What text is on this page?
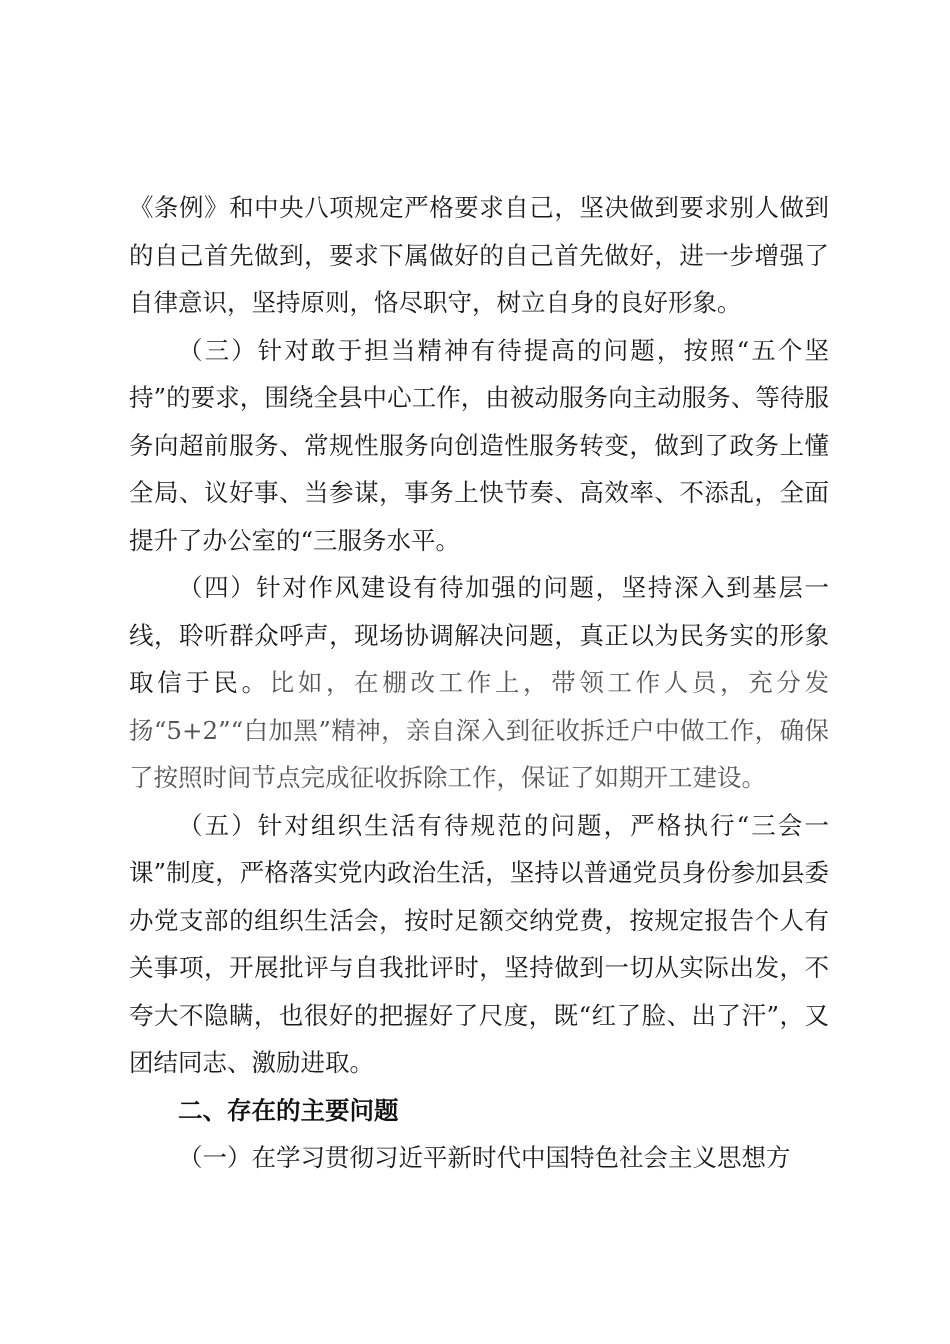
《条例》和中央八项规定严格要求自己，坚决做到要求别人做到的自己首先做到，要求下属做好的自己首先做好，进一步增强了自律意识，坚持原则，恪尽职守，树立自身的良好形象。

（三）针对敢于担当精神有待提高的问题，按照“五个坚持”的要求，围绕全县中心工作，由被动服务向主动服务、等待服务向超前服务、常规性服务向创造性服务转变，做到了政务上懂全局、议好事、当参谋，事务上快节奏、高效率、不添乱，全面提升了办公室的“三服务水平。

（四）针对作风建设有待加强的问题，坚持深入到基层一线，聆听群众呼声，现场协调解决问题，真正以为民务实的形象取信于民。比如，在棚改工作上，带领工作人员，充分发扬“5+2”“白加黑”精神，亲自深入到征收拆迁户中做工作，确保了按照时间节点完成征收拆除工作，保证了如期开工建设。

（五）针对组织生活有待规范的问题，严格执行“三会一课”制度，严格落实党内政治生活，坚持以普通党员身份参加县委办党支部的组织生活会，按时足额交纳党费，按规定报告个人有关事项，开展批评与自我批评时，坚持做到一切从实际出发，不夸大不隐瞒，也很好的把握好了尺度，既“红了脸、出了汗”，又团结同志、激励进取。

二、存在的主要问题

（一）在学习贯彻习近平新时代中国特色社会主义思想方
